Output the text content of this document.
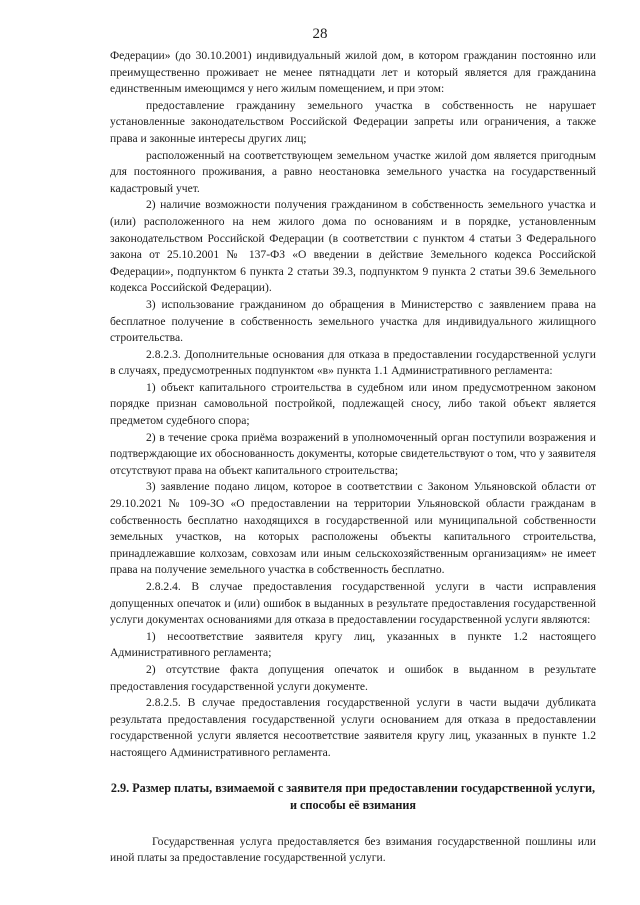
28

Федерации» (до 30.10.2001) индивидуальный жилой дом, в котором гражданин постоянно или преимущественно проживает не менее пятнадцати лет и который является для гражданина единственным имеющимся у него жилым помещением, и при этом:

предоставление гражданину земельного участка в собственность не нарушает установленные законодательством Российской Федерации запреты или ограничения, а также права и законные интересы других лиц;

расположенный на соответствующем земельном участке жилой дом является пригодным для постоянного проживания, а равно неостановка земельного участка на государственный кадастровый учет.

2) наличие возможности получения гражданином в собственность земельного участка и (или) расположенного на нем жилого дома по основаниям и в порядке, установленным законодательством Российской Федерации (в соответствии с пунктом 4 статьи 3 Федерального закона от 25.10.2001 № 137-ФЗ «О введении в действие Земельного кодекса Российской Федерации», подпунктом 6 пункта 2 статьи 39.3, подпунктом 9 пункта 2 статьи 39.6 Земельного кодекса Российской Федерации).

3) использование гражданином до обращения в Министерство с заявлением права на бесплатное получение в собственность земельного участка для индивидуального жилищного строительства.

2.8.2.3. Дополнительные основания для отказа в предоставлении государственной услуги в случаях, предусмотренных подпунктом «в» пункта 1.1 Административного регламента:

1) объект капитального строительства в судебном или ином предусмотренном законом порядке признан самовольной постройкой, подлежащей сносу, либо такой объект является предметом судебного спора;

2) в течение срока приёма возражений в уполномоченный орган поступили возражения и подтверждающие их обоснованность документы, которые свидетельствуют о том, что у заявителя отсутствуют права на объект капитального строительства;

3) заявление подано лицом, которое в соответствии с Законом Ульяновской области от 29.10.2021 № 109-ЗО «О предоставлении на территории Ульяновской области гражданам в собственность бесплатно находящихся в государственной или муниципальной собственности земельных участков, на которых расположены объекты капитального строительства, принадлежавшие колхозам, совхозам или иным сельскохозяйственным организациям» не имеет права на получение земельного участка в собственность бесплатно.

2.8.2.4. В случае предоставления государственной услуги в части исправления допущенных опечаток и (или) ошибок в выданных в результате предоставления государственной услуги документах основаниями для отказа в предоставлении государственной услуги являются:

1) несоответствие заявителя кругу лиц, указанных в пункте 1.2 настоящего Административного регламента;

2) отсутствие факта допущения опечаток и ошибок в выданном в результате предоставления государственной услуги документе.

2.8.2.5. В случае предоставления государственной услуги в части выдачи дубликата результата предоставления государственной услуги основанием для отказа в предоставлении государственной услуги является несоответствие заявителя кругу лиц, указанных в пункте 1.2 настоящего Административного регламента.

2.9. Размер платы, взимаемой с заявителя при предоставлении государственной услуги, и способы её взимания

Государственная услуга предоставляется без взимания государственной пошлины или иной платы за предоставление государственной услуги.
